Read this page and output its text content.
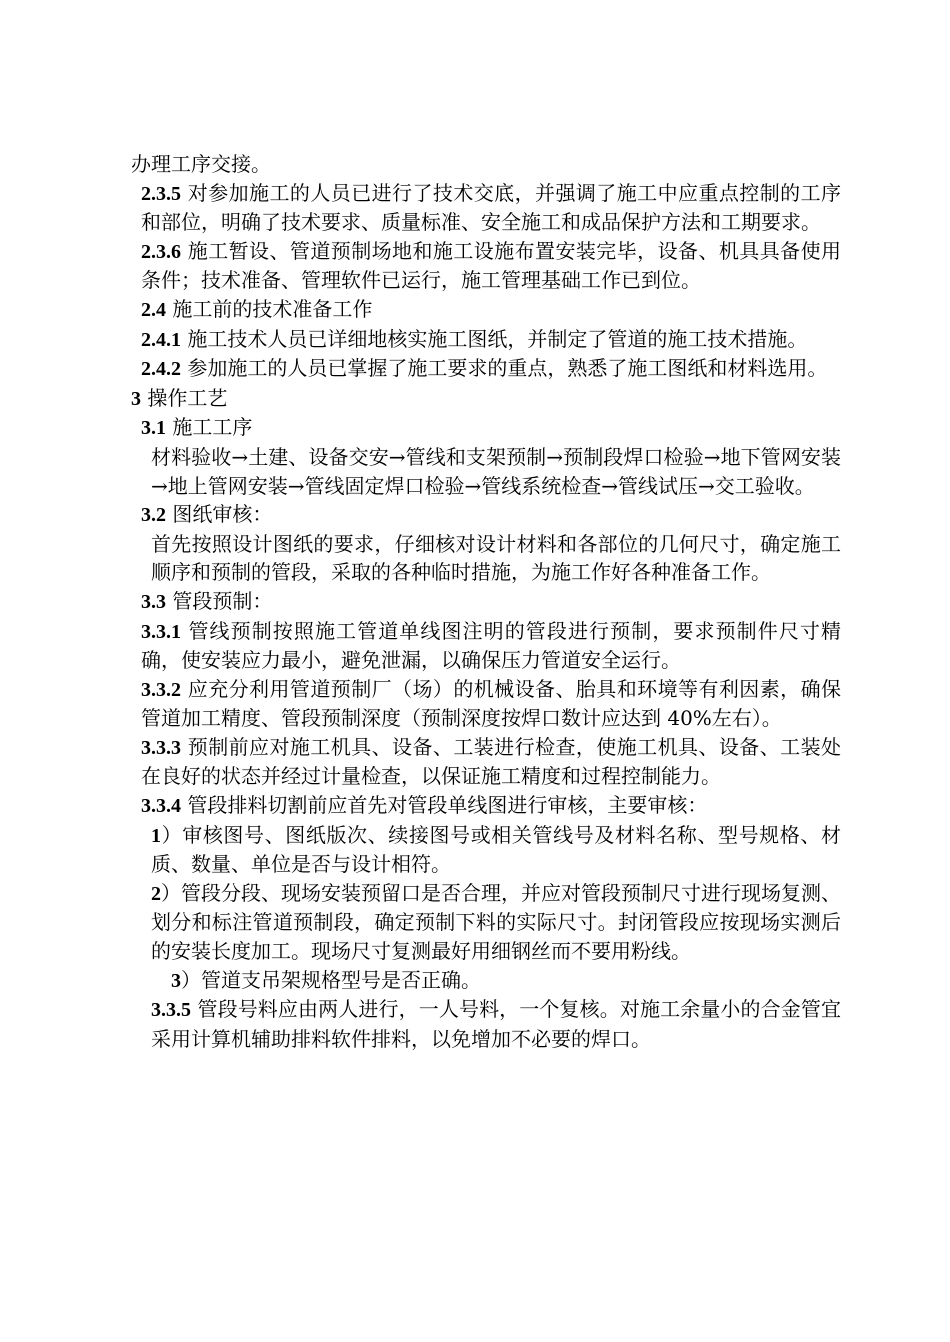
办理工序交接。

2.3.5 对参加施工的人员已进行了技术交底，并强调了施工中应重点控制的工序和部位，明确了技术要求、质量标准、安全施工和成品保护方法和工期要求。

2.3.6 施工暂设、管道预制场地和施工设施布置安装完毕，设备、机具具备使用条件；技术准备、管理软件已运行，施工管理基础工作已到位。

2.4 施工前的技术准备工作

2.4.1 施工技术人员已详细地核实施工图纸，并制定了管道的施工技术措施。

2.4.2 参加施工的人员已掌握了施工要求的重点，熟悉了施工图纸和材料选用。

3 操作工艺

3.1 施工工序

材料验收→土建、设备交安→管线和支架预制→预制段焊口检验→地下管网安装→地上管网安装→管线固定焊口检验→管线系统检查→管线试压→交工验收。

3.2 图纸审核：

首先按照设计图纸的要求，仔细核对设计材料和各部位的几何尺寸，确定施工顺序和预制的管段，采取的各种临时措施，为施工作好各种准备工作。

3.3 管段预制：

3.3.1 管线预制按照施工管道单线图注明的管段进行预制，要求预制件尺寸精确，使安装应力最小，避免泄漏，以确保压力管道安全运行。

3.3.2 应充分利用管道预制厂（场）的机械设备、胎具和环境等有利因素，确保管道加工精度、管段预制深度（预制深度按焊口数计应达到 40%左右）。

3.3.3 预制前应对施工机具、设备、工装进行检查，使施工机具、设备、工装处在良好的状态并经过计量检查，以保证施工精度和过程控制能力。

3.3.4 管段排料切割前应首先对管段单线图进行审核，主要审核：

1）审核图号、图纸版次、续接图号或相关管线号及材料名称、型号规格、材质、数量、单位是否与设计相符。

2）管段分段、现场安装预留口是否合理，并应对管段预制尺寸进行现场复测、划分和标注管道预制段，确定预制下料的实际尺寸。封闭管段应按现场实测后的安装长度加工。现场尺寸复测最好用细钢丝而不要用粉线。

3）管道支吊架规格型号是否正确。

3.3.5 管段号料应由两人进行，一人号料，一个复核。对施工余量小的合金管宜采用计算机辅助排料软件排料，以免增加不必要的焊口。
